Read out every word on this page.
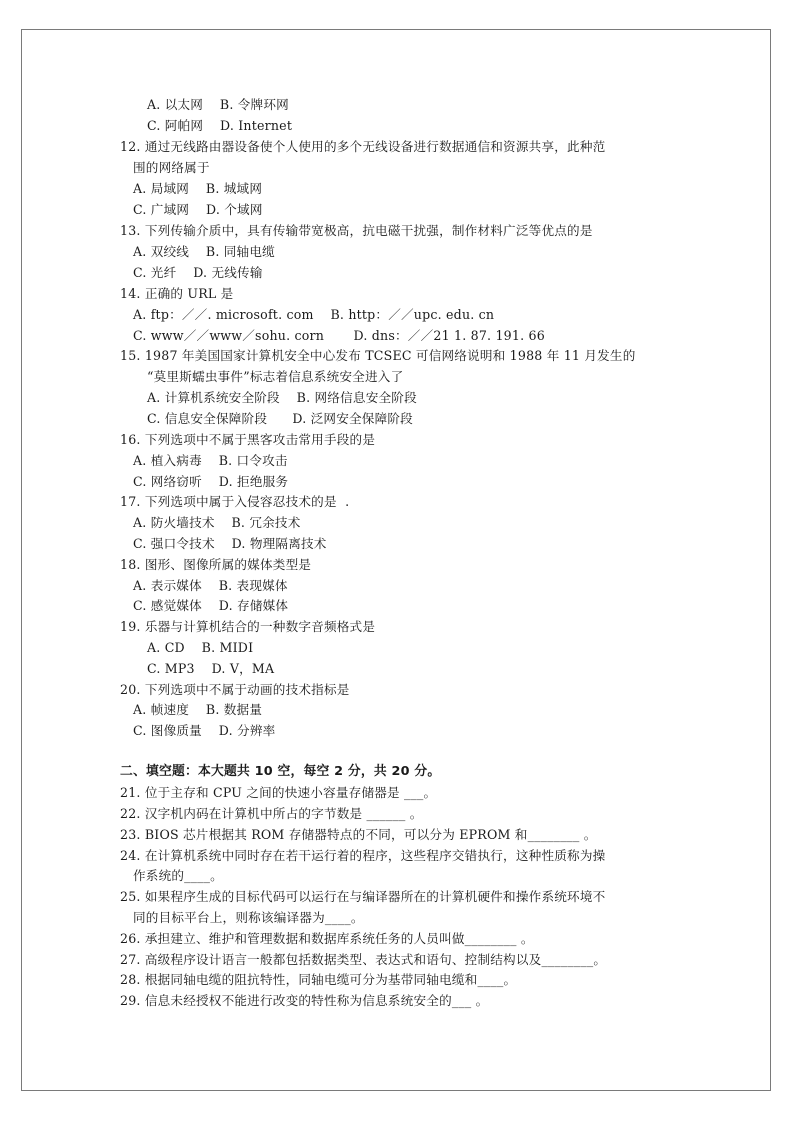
A. 以太网    B. 令牌环网
C. 阿帕网    D. Internet
12. 通过无线路由器设备使个人使用的多个无线设备进行数据通信和资源共享，此种范
围的网络属于
A. 局域网    B. 城域网
C. 广域网    D. 个域网
13. 下列传输介质中，具有传输带宽极高，抗电磁干扰强，制作材料广泛等优点的是
A. 双绞线    B. 同轴电缆
C. 光纤    D. 无线传输
14. 正确的 URL 是
A. ftp：／／. microsoft. com    B. http：／／upc. edu. cn
C. www／／www／sohu. corn       D. dns：／／21 1. 87. 191. 66
15. 1987 年美国国家计算机安全中心发布 TCSEC 可信网络说明和 1988 年 11 月发生的
“莫里斯蠕虫事件”标志着信息系统安全进入了
A. 计算机系统安全阶段    B. 网络信息安全阶段
C. 信息安全保障阶段      D. 泛网安全保障阶段
16. 下列选项中不属于黑客攻击常用手段的是
A. 植入病毒    B. 口令攻击
C. 网络窃听    D. 拒绝服务
17. 下列选项中属于入侵容忍技术的是  .
A. 防火墙技术    B. 冗余技术
C. 强口令技术    D. 物理隔离技术
18. 图形、图像所属的媒体类型是
A. 表示媒体    B. 表现媒体
C. 感觉媒体    D. 存储媒体
19. 乐器与计算机结合的一种数字音频格式是
A. CD    B. MIDI
C. MP3    D. V，MA
20. 下列选项中不属于动画的技术指标是
A. 帧速度    B. 数据量
C. 图像质量    D. 分辨率
二、填空题：本大题共 10 空，每空 2 分，共 20 分。
21. 位于主存和 CPU 之间的快速小容量存储器是 ___。
22. 汉字机内码在计算机中所占的字节数是 ______ 。
23. BIOS 芯片根据其 ROM 存储器特点的不同，可以分为 EPROM 和________ 。
24. 在计算机系统中同时存在若干运行着的程序，这些程序交错执行，这种性质称为操
作系统的____。
25. 如果程序生成的目标代码可以运行在与编译器所在的计算机硬件和操作系统环境不
同的目标平台上，则称该编译器为____。
26. 承担建立、维护和管理数据和数据库系统任务的人员叫做________ 。
27. 高级程序设计语言一般都包括数据类型、表达式和语句、控制结构以及________。
28. 根据同轴电缆的阻抗特性，同轴电缆可分为基带同轴电缆和____。
29. 信息未经授权不能进行改变的特性称为信息系统安全的___ 。
